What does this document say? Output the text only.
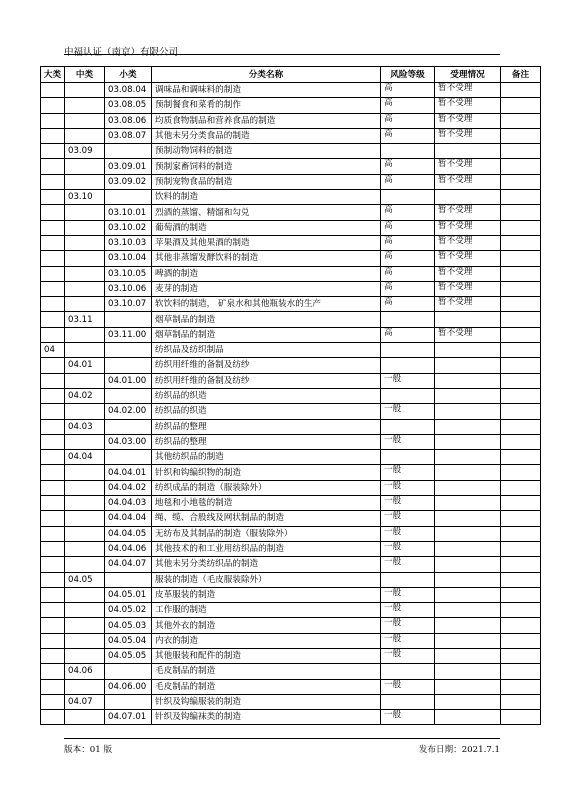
中福认证（南京）有限公司
大类	中类	小类	分类名称	风险等级	受理情况	备注
		03.08.04	调味品和调味料的制造	高	暂不受理	
		03.08.05	预制餐食和菜肴的制作	高	暂不受理	
		03.08.06	均质食物制品和营养食品的制造	高	暂不受理	
		03.08.07	其他未另分类食品的制造	高	暂不受理	
	03.09		预制动物饲料的制造			
		03.09.01	预制家畜饲料的制造	高	暂不受理	
		03.09.02	预制宠物食品的制造	高	暂不受理	
	03.10		饮料的制造			
		03.10.01	烈酒的蒸馏、精馏和勾兑	高	暂不受理	
		03.10.02	葡萄酒的制造	高	暂不受理	
		03.10.03	苹果酒及其他果酒的制造	高	暂不受理	
		03.10.04	其他非蒸馏发酵饮料的制造	高	暂不受理	
		03.10.05	啤酒的制造	高	暂不受理	
		03.10.06	麦芽的制造	高	暂不受理	
		03.10.07	软饮料的制造， 矿泉水和其他瓶装水的生产	高	暂不受理	
	03.11		烟草制品的制造			
		03.11.00	烟草制品的制造	高	暂不受理	
04			纺织品及纺织制品			
	04.01		纺织用纤维的备制及纺纱			
		04.01.00	纺织用纤维的备制及纺纱	一般		
	04.02		纺织品的织造			
		04.02.00	纺织品的织造	一般		
	04.03		纺织品的整理			
		04.03.00	纺织品的整理	一般		
	04.04		其他纺织品的制造			
		04.04.01	针织和钩编织物的制造	一般		
		04.04.02	纺织成品的制造（服装除外）	一般		
		04.04.03	地毯和小地毯的制造	一般		
		04.04.04	绳、缆、合股线及网状制品的制造	一般		
		04.04.05	无纺布及其制品的制造（服装除外）	一般		
		04.04.06	其他技术的和工业用纺织品的制造	一般		
		04.04.07	其他未另分类纺织品的制造	一般		
	04.05		服装的制造（毛皮服装除外）			
		04.05.01	皮革服装的制造	一般		
		04.05.02	工作服的制造	一般		
		04.05.03	其他外衣的制造	一般		
		04.05.04	内衣的制造	一般		
		04.05.05	其他服装和配件的制造	一般		
	04.06		毛皮制品的制造			
		04.06.00	毛皮制品的制造	一般		
	04.07		针织及钩编服装的制造			
		04.07.01	针织及钩编袜类的制造	一般		
版本：01 版	发布日期：2021.7.1
